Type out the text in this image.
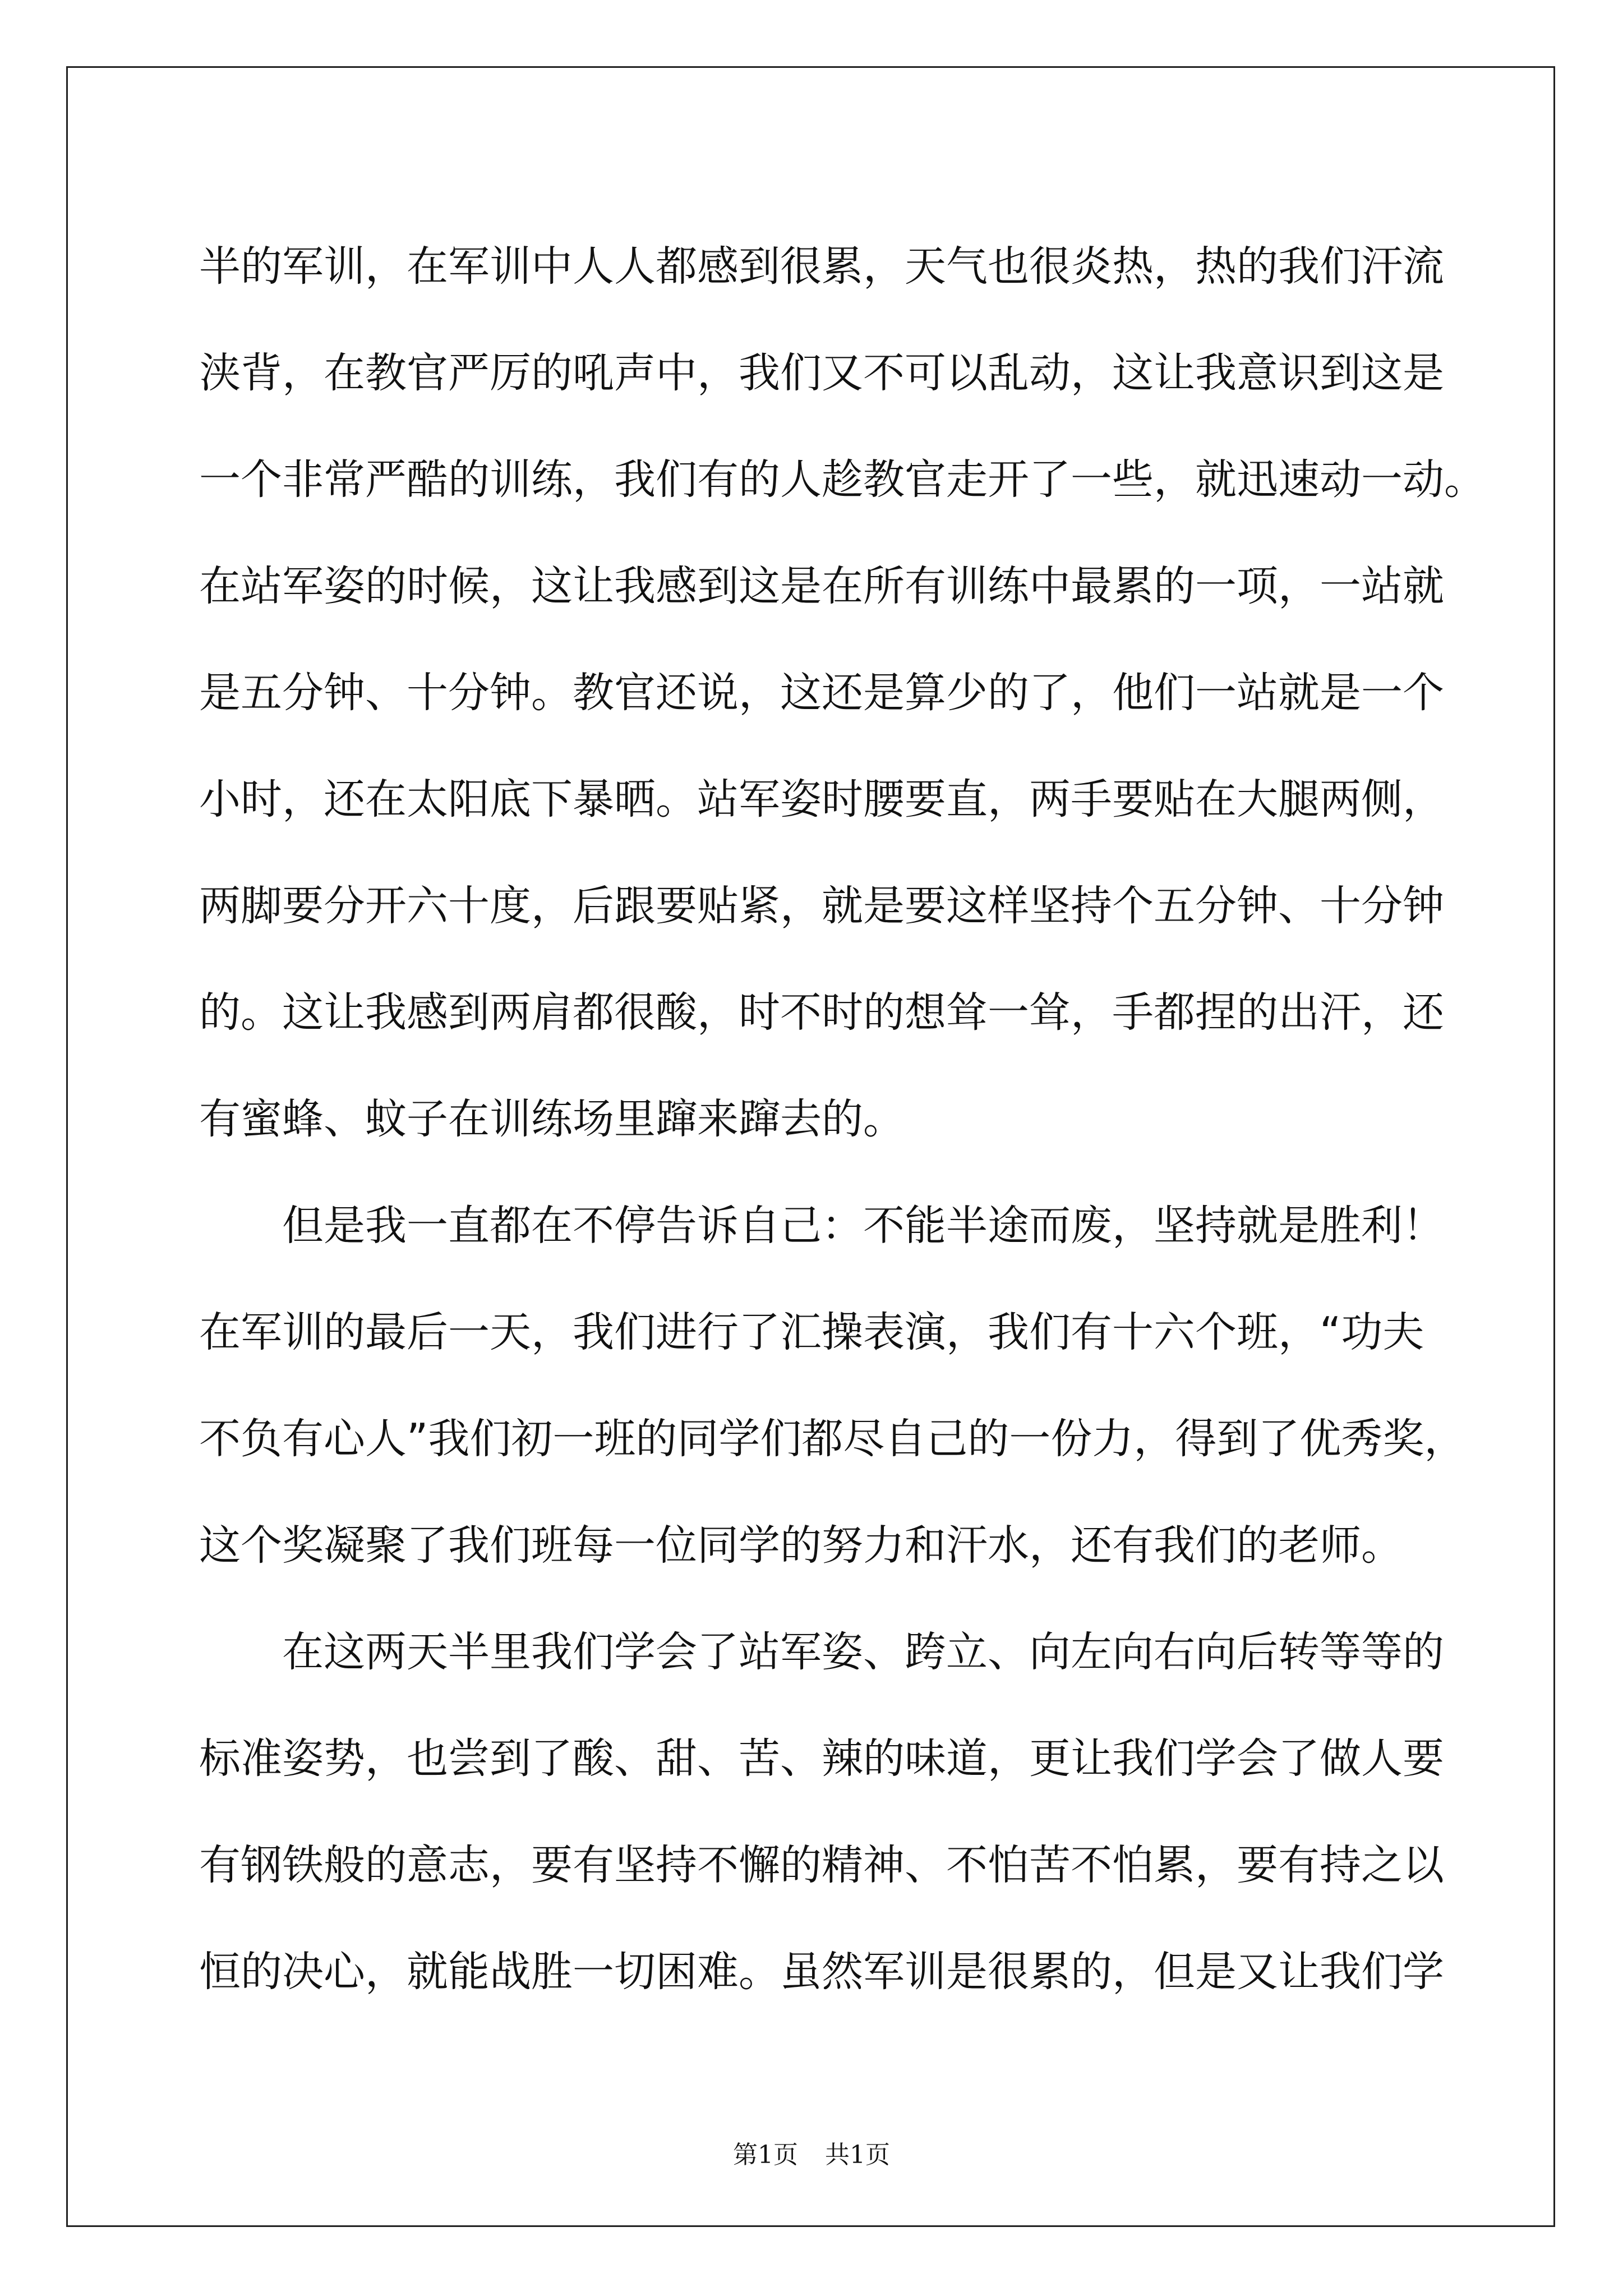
半的军训，在军训中人人都感到很累，天气也很炎热，热的我们汗流
浃背，在教官严厉的吼声中，我们又不可以乱动，这让我意识到这是
一个非常严酷的训练，我们有的人趁教官走开了一些，就迅速动一动。
在站军姿的时候，这让我感到这是在所有训练中最累的一项，一站就
是五分钟、十分钟。教官还说，这还是算少的了，他们一站就是一个
小时，还在太阳底下暴晒。站军姿时腰要直，两手要贴在大腿两侧，
两脚要分开六十度，后跟要贴紧，就是要这样坚持个五分钟、十分钟
的。这让我感到两肩都很酸，时不时的想耸一耸，手都捏的出汗，还
有蜜蜂、蚊子在训练场里蹿来蹿去的。
但是我一直都在不停告诉自己：不能半途而废，坚持就是胜利！
在军训的最后一天，我们进行了汇操表演，我们有十六个班，“功夫
不负有心人”我们初一班的同学们都尽自己的一份力，得到了优秀奖，
这个奖凝聚了我们班每一位同学的努力和汗水，还有我们的老师。
在这两天半里我们学会了站军姿、跨立、向左向右向后转等等的
标准姿势，也尝到了酸、甜、苦、辣的味道，更让我们学会了做人要
有钢铁般的意志，要有坚持不懈的精神、不怕苦不怕累，要有持之以
恒的决心，就能战胜一切困难。虽然军训是很累的，但是又让我们学
第1页 共1页
